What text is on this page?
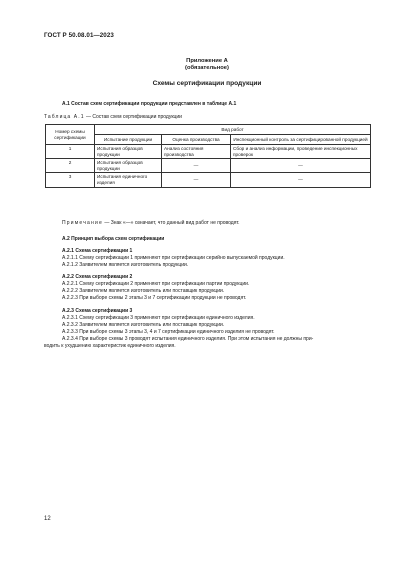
ГОСТ Р 50.08.01—2023
Приложение А
(обязательное)
Схемы сертификации продукции
А.1 Состав схем сертификации продукции представлен в таблице А.1
Таблица А.1 — Состав схем сертификации продукции
Номер схемы сертификации	Вид работ		
	Испытание продукции	Оценка производства	Инспекционный контроль за сертифицированной продукцией
1	Испытания образцов продукции	Анализ состояния производства	Сбор и анализ информации, проведение инспекционных проверок
2	Испытания образцов продукции	—	—
3	Испытания единичного изделия	—	—
Примечание — Знак «—» означает, что данный вид работ не проводят.
А.2 Принцип выбора схем сертификации
А.2.1 Схема сертификации 1
А.2.1.1 Схему сертификации 1 применяют при сертификации серийно выпускаемой продукции.
А.2.1.2 Заявителем является изготовитель продукции.
А.2.2 Схема сертификации 2
А.2.2.1 Схему сертификации 2 применяют при сертификации партии продукции.
А.2.2.2 Заявителем является изготовитель или поставщик продукции.
А.2.2.3 При выборе схемы 2 этапы 3 и 7 сертификации продукции не проводят.
А.2.3 Схема сертификации 3
А.2.3.1 Схему сертификации 3 применяют при сертификации единичного изделия.
А.2.3.2 Заявителем является изготовитель или поставщик продукции.
А.2.3.3 При выборе схемы 3 этапы 3, 4 и 7 сертификации единичного изделия не проводят.
А.2.3.4 При выборе схемы 3 проводят испытания единичного изделия. При этом испытания не должны при-
водить к ухудшению характеристик единичного изделия.
12
